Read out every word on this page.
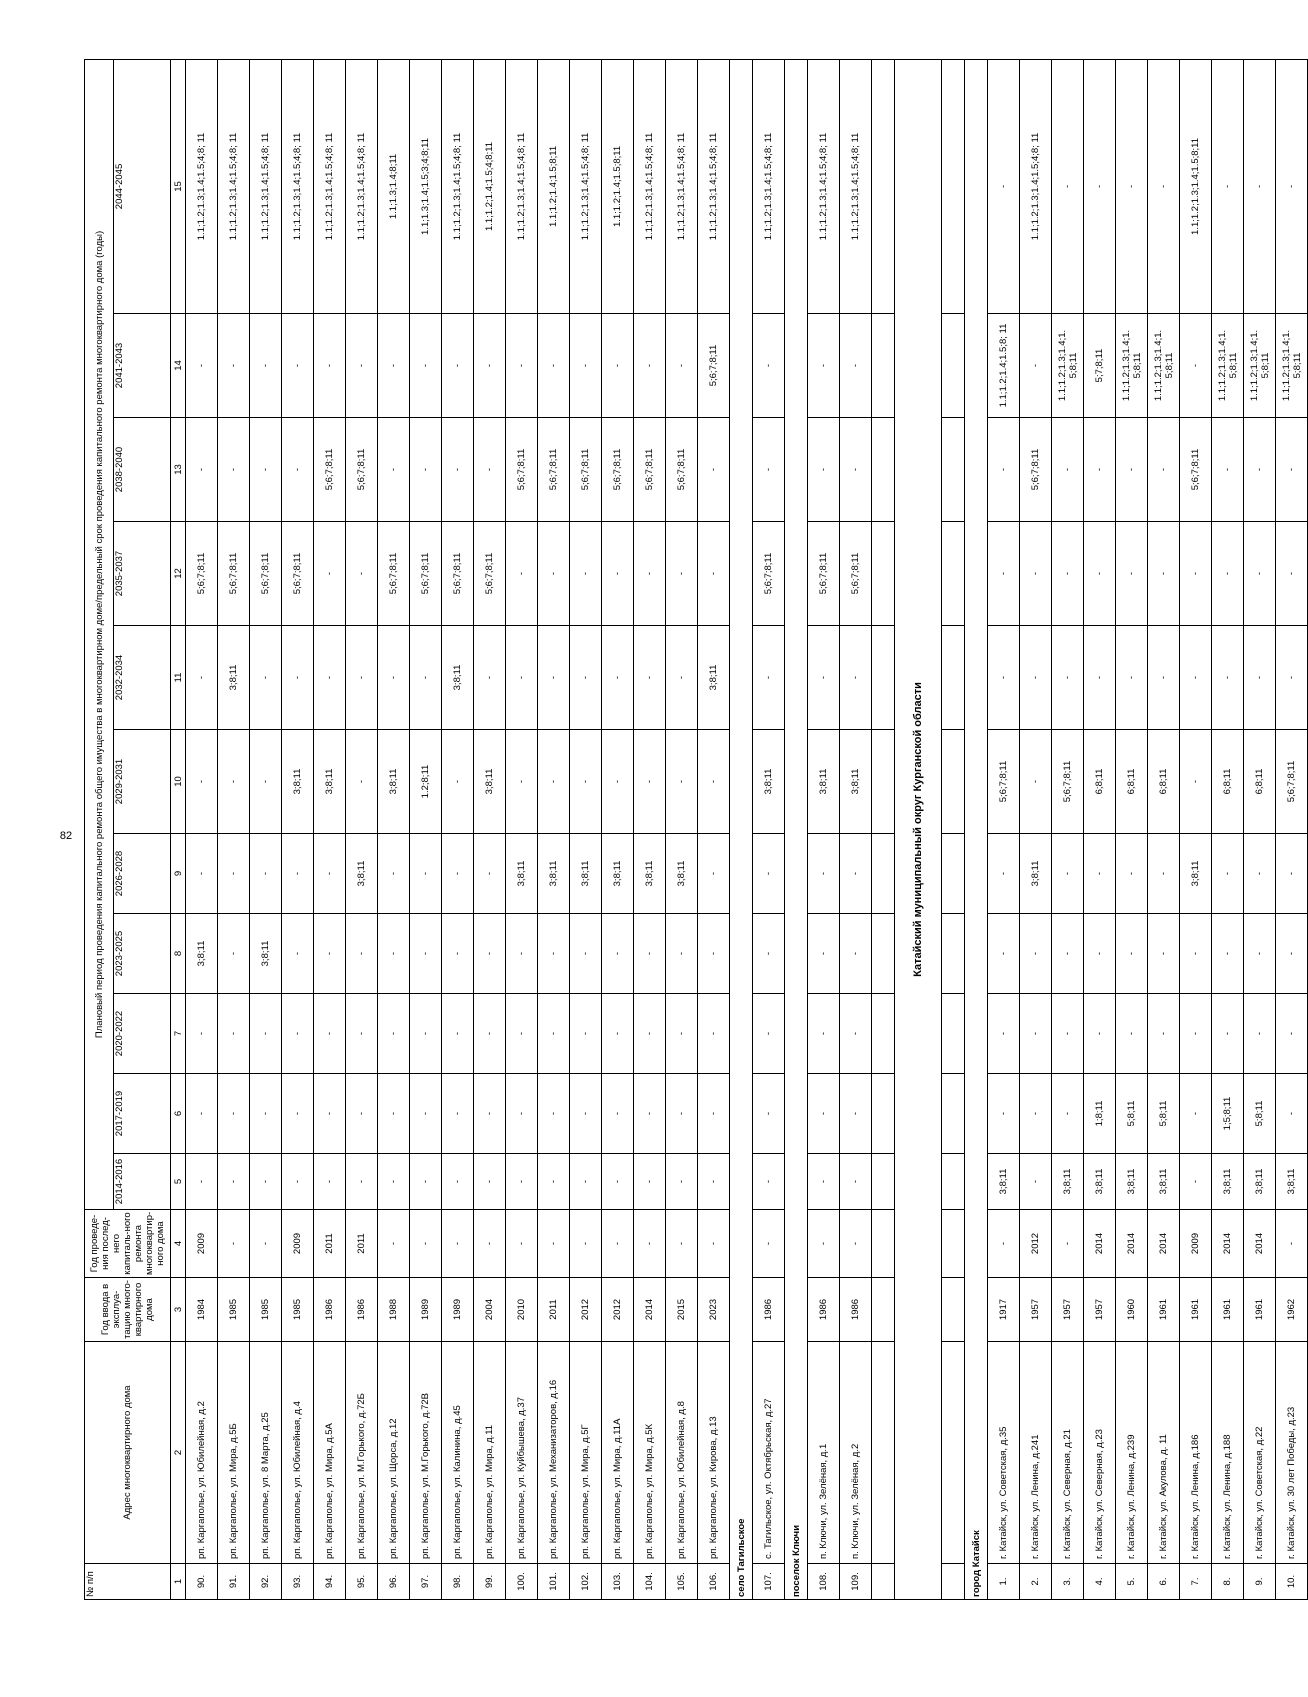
82
№ п/п	Адрес многоквартирного дома	Год ввода в эксплуа-тацию много-квартирного дома	Год проведе-ния послед-него капиталь-ного ремонта многоквартир-ного дома	Плановый период проведения капитального ремонта общего имущества в многоквартирном доме/предельный срок проведения капитального ремонта многоквартирного дома (годы)										
				2014-2016	2017-2019	2020-2022	2023-2025	2026-2028	2029-2031	2032-2034	2035-2037	2038-2040	2041-2043	2044-2045
1	2	3	4	5	6	7	8	9	10	11	12	13	14	15
90.	рп. Каргаполье, ул. Юбилейная, д.2	1984	2009	-	-	-	3;8;11	-	-	-	5;6;7;8;11	-	-	1.1;1.2;1.3;1.4;1.5;4;8; 11
91.	рп. Каргаполье, ул. Мира, д.5Б	1985	-	-	-	-	-	-	-	3;8;11	5;6;7;8;11	-	-	1.1;1.2;1.3;1.4;1.5;4;8; 11
92.	рп. Каргаполье, ул. 8 Марта, д.25	1985	-	-	-	-	3;8;11	-	-	-	5;6;7;8;11	-	-	1.1;1.2;1.3;1.4;1.5;4;8; 11
93.	рп. Каргаполье, ул. Юбилейная, д.4	1985	2009	-	-	-	-	-	3;8;11	-	5;6;7;8;11	-	-	1.1;1.2;1.3;1.4;1.5;4;8; 11
94.	рп. Каргаполье, ул. Мира, д.5А	1986	2011	-	-	-	-	-	3;8;11	-	-	5;6;7;8;11	-	1.1;1.2;1.3;1.4;1.5;4;8; 11
95.	рп. Каргаполье, ул. М.Горького, д.72Б	1986	2011	-	-	-	-	3;8;11	-	-	-	5;6;7;8;11	-	1.1;1.2;1.3;1.4;1.5;4;8; 11
96.	рп. Каргаполье, ул. Щорса, д.12	1988	-	-	-	-	-	-	3;8;11	-	5;6;7;8;11	-	-	1.1;1.3;1.4;8;11
97.	рп. Каргаполье, ул. М.Горького, д.72В	1989	-	-	-	-	-	-	1.2;8;11	-	5;6;7;8;11	-	-	1.1;1.3;1.4;1.5;3;4;8;11
98.	рп. Каргаполье, ул. Калинина, д.45	1989	-	-	-	-	-	-	-	3;8;11	5;6;7;8;11	-	-	1.1;1.2;1.3;1.4;1.5;4;8; 11
99.	рп. Каргаполье, ул. Мира, д.11	2004	-	-	-	-	-	-	3;8;11	-	5;6;7;8;11	-	-	1.1;1.2;1.4;1.5;4;8;11
100.	рп. Каргаполье, ул. Куйбышева, д.37	2010	-	-	-	-	-	3;8;11	-	-	-	5;6;7;8;11	-	1.1;1.2;1.3;1.4;1.5;4;8; 11
101.	рп. Каргаполье, ул. Механизаторов, д.16	2011	-	-	-	-	-	3;8;11	-	-	-	5;6;7;8;11	-	1.1;1.2;1.4;1.5;8;11
102.	рп. Каргаполье, ул. Мира, д.5Г	2012	-	-	-	-	-	3;8;11	-	-	-	5;6;7;8;11	-	1.1;1.2;1.3;1.4;1.5;4;8; 11
103.	рп. Каргаполье, ул. Мира, д.11А	2012	-	-	-	-	-	3;8;11	-	-	-	5;6;7;8;11	-	1.1;1.2;1.4;1.5;8;11
104.	рп. Каргаполье, ул. Мира, д.5К	2014	-	-	-	-	-	3;8;11	-	-	-	5;6;7;8;11	-	1.1;1.2;1.3;1.4;1.5;4;8; 11
105.	рп. Каргаполье, ул. Юбилейная, д.8	2015	-	-	-	-	-	3;8;11	-	-	-	5;6;7;8;11	-	1.1;1.2;1.3;1.4;1.5;4;8; 11
106.	рп. Каргаполье, ул. Кирова, д.13	2023	-	-	-	-	-	-	-	3;8;11	-	-	5;6;7;8;11	1.1;1.2;1.3;1.4;1.5;4;8; 11
село Тагильское														
107.	с. Тагильское, ул. Октябрьская, д.27	1986	-	-	-	-	-	-	3;8;11	-	5;6;7;8;11	-	-	1.1;1.2;1.3;1.4;1.5;4;8; 11
поселок Ключи														
108.	п. Ключи, ул. Зелёная, д.1	1986	-	-	-	-	-	-	3;8;11	-	5;6;7;8;11	-	-	1.1;1.2;1.3;1.4;1.5;4;8; 11
109.	п. Ключи, ул. Зелёная, д.2	1986	-	-	-	-	-	-	3;8;11	-	5;6;7;8;11	-	-	1.1;1.2;1.3;1.4;1.5;4;8; 11

Катайский муниципальный округ Курганской области														

город Катайск														
1.	г. Катайск, ул. Советская, д.35	1917	-	3;8;11	-	-	-	-	5;6;7;8;11	-	-	-	1.1;1.2;1.4;1.5;8; 11	-
2.	г. Катайск, ул. Ленина, д.241	1957	2012	-	-	-	-	3;8;11	-	-	-	5;6;7;8;11	-	1.1;1.2;1.3;1.4;1.5;4;8; 11
3.	г. Катайск, ул. Северная, д.21	1957	-	3;8;11	-	-	-	-	5;6;7;8;11	-	-	-	1.1;1.2;1.3;1.4;1. 5;8;11	-
4.	г. Катайск, ул. Северная, д.23	1957	2014	3;8;11	1;8;11	-	-	-	6;8;11	-	-	-	5;7;8;11	-
5.	г. Катайск, ул. Ленина, д.239	1960	2014	3;8;11	5;8;11	-	-	-	6;8;11	-	-	-	1.1;1.2;1.3;1.4;1. 5;8;11	-
6.	г. Катайск, ул. Акулова, д. 11	1961	2014	3;8;11	5;8;11	-	-	-	6;8;11	-	-	-	1.1;1.2;1.3;1.4;1. 5;8;11	-
7.	г. Катайск, ул. Ленина, д.186	1961	2009	-	-	-	-	3;8;11	-	-	-	5;6;7;8;11	-	1.1;1.2;1.3;1.4;1.5;8;11
8.	г. Катайск, ул. Ленина, д.188	1961	2014	3;8;11	1;5;8;11	-	-	-	6;8;11	-	-	-	1.1;1.2;1.3;1.4;1. 5;8;11	-
9.	г. Катайск, ул. Советская, д.22	1961	2014	3;8;11	5;8;11	-	-	-	6;8;11	-	-	-	1.1;1.2;1.3;1.4;1. 5;8;11	-
10.	г. Катайск, ул. 30 лет Победы, д.23	1962	-	3;8;11	-	-	-	-	5;6;7;8;11	-	-	-	1.1;1.2;1.3;1.4;1. 5;8;11	-
